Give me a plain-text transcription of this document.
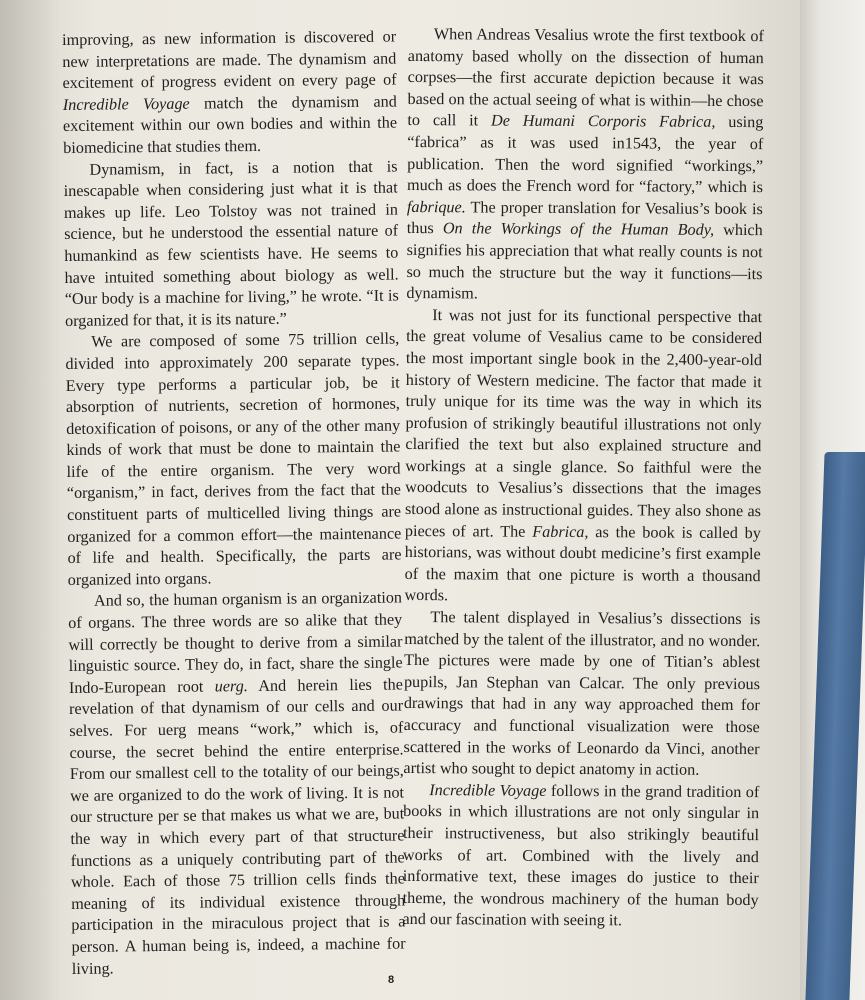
improving, as new information is discovered or new interpretations are made. The dynamism and excitement of progress evident on every page of Incredible Voyage match the dynamism and excitement within our own bodies and within the biomedicine that studies them.

Dynamism, in fact, is a notion that is inescapable when considering just what it is that makes up life. Leo Tolstoy was not trained in science, but he understood the essential nature of humankind as few scientists have. He seems to have intuited something about biology as well. “Our body is a machine for living,” he wrote. “It is organized for that, it is its nature.”

We are composed of some 75 trillion cells, divided into approximately 200 separate types. Every type performs a particular job, be it absorption of nutrients, secretion of hormones, detoxification of poisons, or any of the other many kinds of work that must be done to maintain the life of the entire organism. The very word “organism,” in fact, derives from the fact that the constituent parts of multicelled living things are organized for a common effort—the maintenance of life and health. Specifically, the parts are organized into organs.

And so, the human organism is an organization of organs. The three words are so alike that they will correctly be thought to derive from a similar linguistic source. They do, in fact, share the single Indo-European root uerg. And herein lies the revelation of that dynamism of our cells and our selves. For uerg means “work,” which is, of course, the secret behind the entire enterprise. From our smallest cell to the totality of our beings, we are organized to do the work of living. It is not our structure per se that makes us what we are, but the way in which every part of that structure functions as a uniquely contributing part of the whole. Each of those 75 trillion cells finds the meaning of its individual existence through participation in the miraculous project that is a person. A human being is, indeed, a machine for living.

When Andreas Vesalius wrote the first textbook of anatomy based wholly on the dissection of human corpses—the first accurate depiction because it was based on the actual seeing of what is within—he chose to call it De Humani Corporis Fabrica, using “fabrica” as it was used in1543, the year of publication. Then the word signified “workings,” much as does the French word for “factory,” which is fabrique. The proper translation for Vesalius’s book is thus On the Workings of the Human Body, which signifies his appreciation that what really counts is not so much the structure but the way it functions—its dynamism.

It was not just for its functional perspective that the great volume of Vesalius came to be considered the most important single book in the 2,400-year-old history of Western medicine. The factor that made it truly unique for its time was the way in which its profusion of strikingly beautiful illustrations not only clarified the text but also explained structure and workings at a single glance. So faithful were the woodcuts to Vesalius’s dissections that the images stood alone as instructional guides. They also shone as pieces of art. The Fabrica, as the book is called by historians, was without doubt medicine’s first example of the maxim that one picture is worth a thousand words.

The talent displayed in Vesalius’s dissections is matched by the talent of the illustrator, and no wonder. The pictures were made by one of Titian’s ablest pupils, Jan Stephan van Calcar. The only previous drawings that had in any way approached them for accuracy and functional visualization were those scattered in the works of Leonardo da Vinci, another artist who sought to depict anatomy in action.

Incredible Voyage follows in the grand tradition of books in which illustrations are not only singular in their instructiveness, but also strikingly beautiful works of art. Combined with the lively and informative text, these images do justice to their theme, the wondrous machinery of the human body and our fascination with seeing it.

8
